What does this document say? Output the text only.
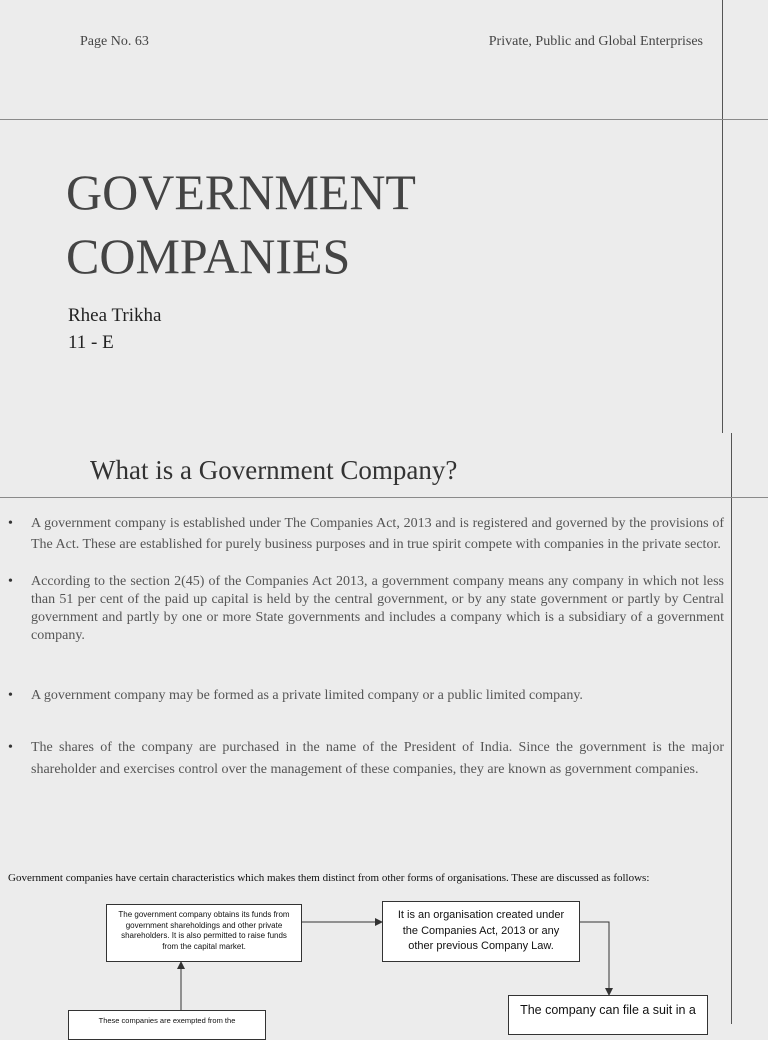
Page No. 63	Private, Public and Global Enterprises
GOVERNMENT
COMPANIES
Rhea Trikha
11 - E
What is a Government Company?
• A government company is established under The Companies Act, 2013 and is registered and governed by the provisions of The Act. These are established for purely business purposes and in true spirit compete with companies in the private sector.
• According to the section 2(45) of the Companies Act 2013, a government company means any company in which not less than 51 per cent of the paid up capital is held by the central government, or by any state government or partly by Central government and partly by one or more State governments and includes a company which is a subsidiary of a government company.
• A government company may be formed as a private limited company or a public limited company.
• The shares of the company are purchased in the name of the President of India. Since the government is the major shareholder and exercises control over the management of these companies, they are known as government companies.
Government companies have certain characteristics which makes them distinct from other forms of organisations. These are discussed as follows:
The government company obtains its funds from government shareholdings and other private shareholders. It is also permitted to raise funds from the capital market.
It is an organisation created under the Companies Act, 2013 or any other previous Company Law.
The company can file a suit in a
These companies are exempted from the
